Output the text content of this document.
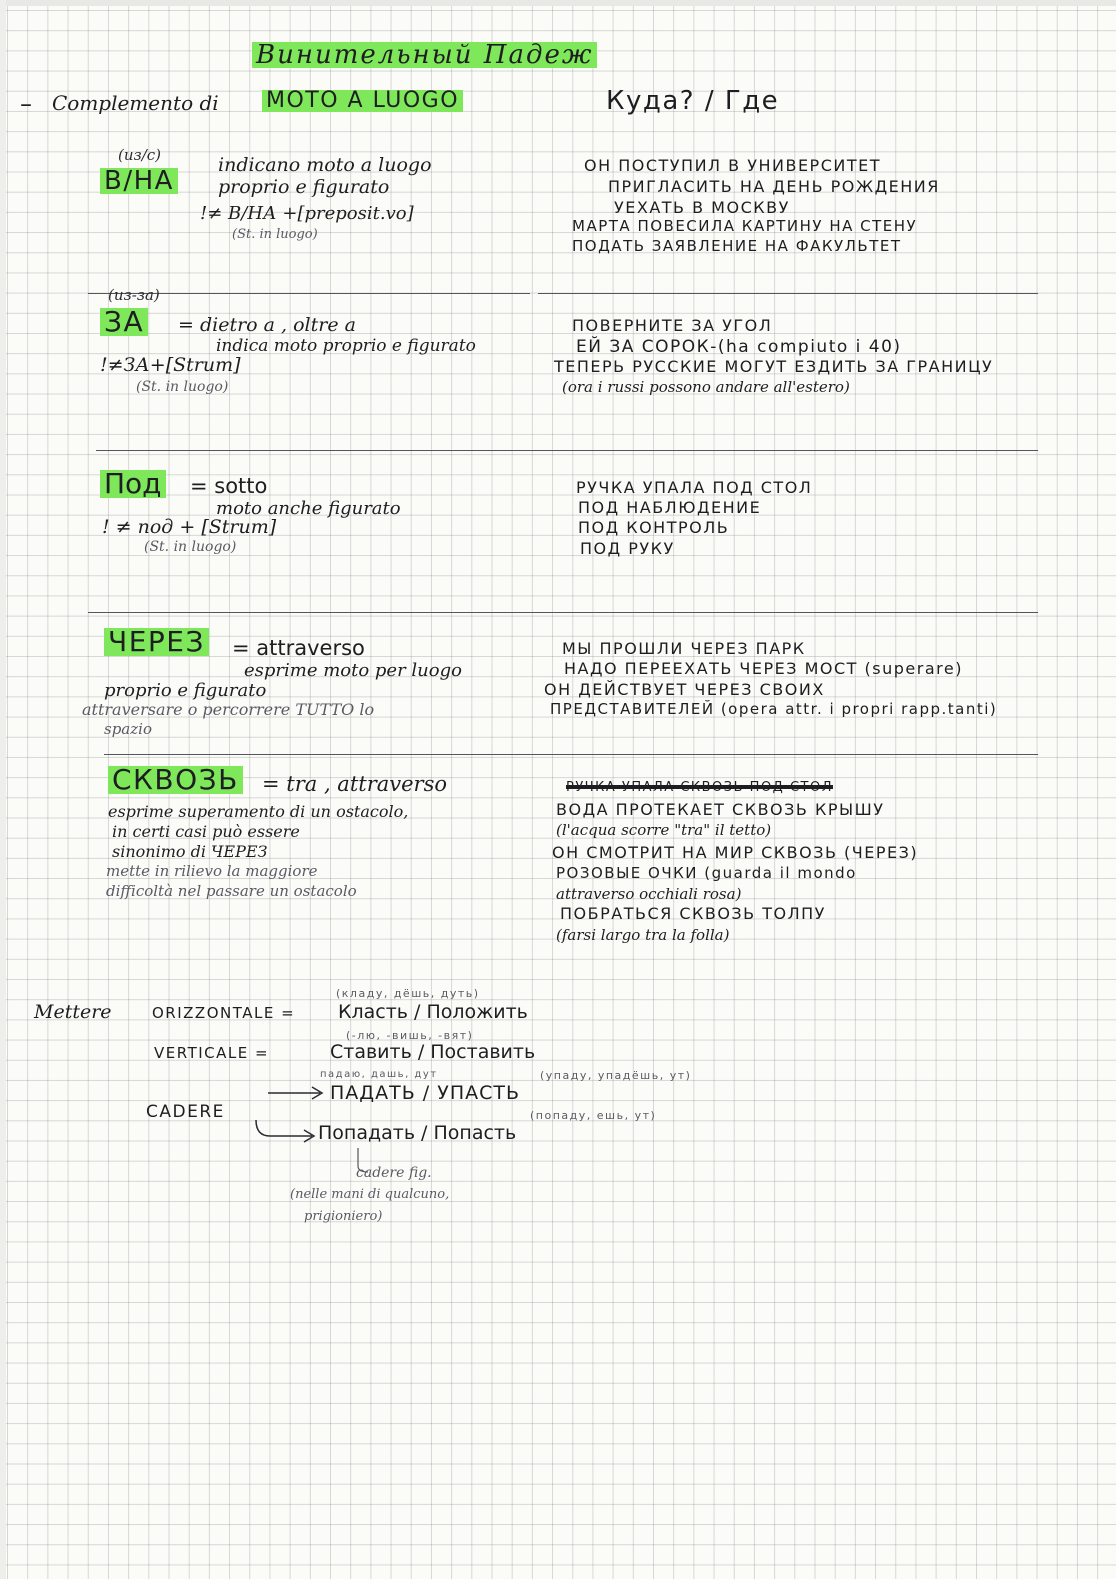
Винительный Падеж
– Complemento di MOTO A LUOGO	Куда? / Где
(из/с)
В/НА
indicano moto a luogo
proprio e figurato
!≠ В/НА +[preposit.vo]
(St. in luogo)
ОН ПОСТУПИЛ В УНИВЕРСИТЕТ
ПРИГЛАСИТЬ НА ДЕНЬ РОЖДЕНИЯ
УЕХАТЬ В МОСКВУ
МАРТА ПОВЕСИЛА КАРТИНУ НА СТЕНУ
ПОДАТЬ ЗАЯВЛЕНИЕ НА ФАКУЛЬТЕТ
(из-за)
ЗА = dietro a , oltre a
indica moto proprio e figurato
!≠ЗА+[Strum]
(St. in luogo)
ПОВЕРНИТЕ ЗА УГОЛ
ЕЙ ЗА СОРОК-(ha compiuto i 40)
ТЕПЕРЬ РУССКИЕ МОГУТ ЕЗДИТЬ ЗА ГРАНИЦУ
(ora i russi possono andare all'estero)
Под = sotto
moto anche figurato
! ≠ под + [Strum]
(St. in luogo)
РУЧКА УПАЛА ПОД СТОЛ
ПОД НАБЛЮДЕНИЕ
ПОД КОНТРОЛЬ
ПОД РУКУ
ЧЕРЕЗ = attraverso
proprio e figurato
esprime moto per luogo
attraversare o percorrere TUTTO lo
spazio
МЫ ПРОШЛИ ЧЕРЕЗ ПАРК
НАДО ПЕРЕЕХАТЬ ЧЕРЕЗ МОСТ (superare)
ОН ДЕЙСТВУЕТ ЧЕРЕЗ СВОИХ
ПРЕДСТАВИТЕЛЕЙ (opera attr. i propri rapp.tanti)
СКВОЗЬ = tra , attraverso
esprime superamento di un ostacolo,
in certi casi può essere
sinonimo di ЧЕРЕЗ
mette in rilievo la maggiore
difficoltà nel passare un ostacolo
РУЧКА УПАЛА СКВОЗЬ ПОД СТОЛ
ВОДА ПРОТЕКАЕТ СКВОЗЬ КРЫШУ
(l'acqua scorre "tra" il tetto)
ОН СМОТРИТ НА МИР СКВОЗЬ (ЧЕРЕЗ)
РОЗОВЫЕ ОЧКИ (guarda il mondo
attraverso occhiali rosa)
ПОБРАТЬСЯ СКВОЗЬ ТОЛПУ
(farsi largo tra la folla)
Mettere
(кладу, дёшь, дуть)
ORIZZONTALE = Класть / Положить
(-лю, -вишь, -вят)
VERTICALE =	Ставить / Поставить
падаю, дашь, дут	(упаду, упадёшь, ут)
ПАДАТЬ / УПАСТЬ
CADERE	(попаду, ешь, ут)
Попадать / Попасть
cadere fig.
(nelle mani di qualcuno,
prigioniero)
